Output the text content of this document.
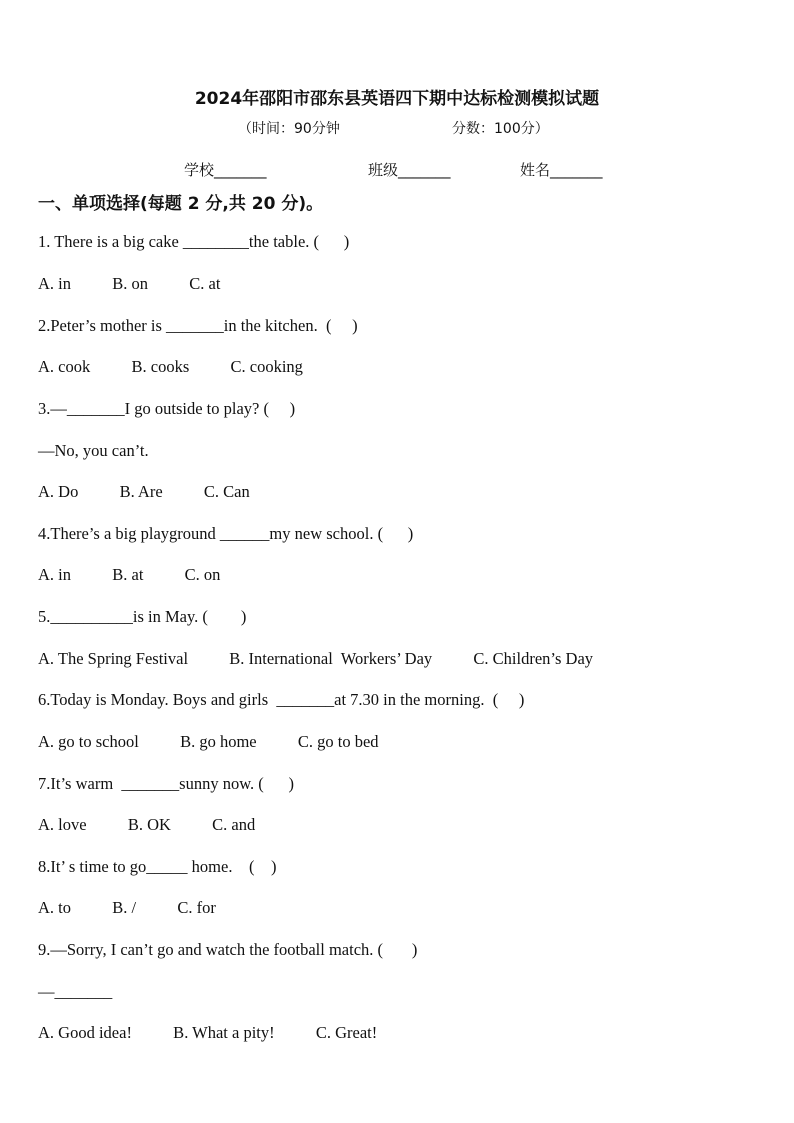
2024年邵阳市邵东县英语四下期中达标检测模拟试题
（时间：90分钟	分数：100分）
学校_______	班级_______	姓名_______
一、单项选择(每题 2 分,共 20 分)。
1. There is a big cake ________the table. (      )
A. in          B. on          C. at
2.Peter’s mother is _______in the kitchen.  (     )
A. cook          B. cooks          C. cooking
3.—_______I go outside to play? (     )
—No, you can’t.
A. Do          B. Are          C. Can
4.There’s a big playground ______my new school. (      )
A. in          B. at          C. on
5.__________is in May. (        )
A. The Spring Festival          B. International  Workers’ Day          C. Children’s Day
6.Today is Monday. Boys and girls  _______at 7.30 in the morning.  (     )
A. go to school          B. go home          C. go to bed
7.It’s warm  _______sunny now. (      )
A. love          B. OK          C. and
8.It’ s time to go_____ home.    (    )
A. to          B. /          C. for
9.—Sorry, I can’t go and watch the football match. (       )
—_______
A. Good idea!          B. What a pity!          C. Great!
